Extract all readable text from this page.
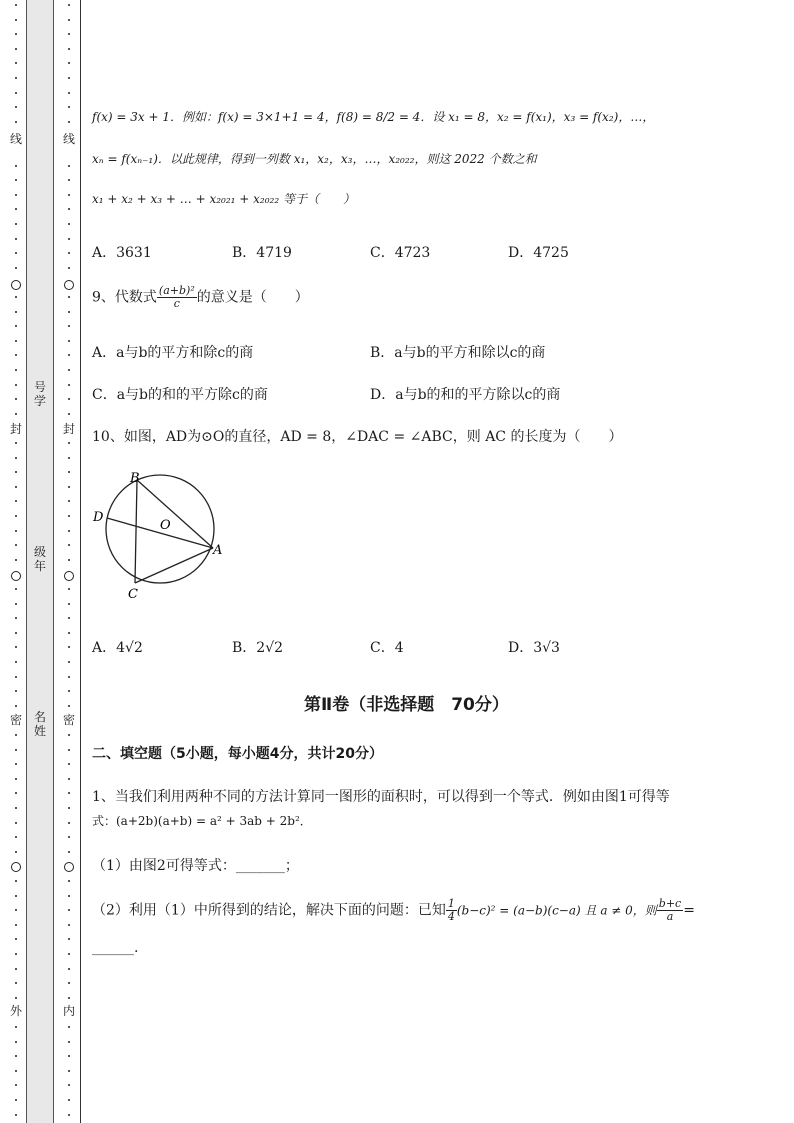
线
封
密
外
号学
级年
名姓
线
封
密
内
f(x) = 3x + 1．例如：f(x) = 3×1+1 = 4，f(8) = 8/2 = 4．设 x₁ = 8，x₂ = f(x₁)，x₃ = f(x₂)，…，
xₙ = f(xₙ₋₁)．以此规律，得到一列数 x₁，x₂，x₃，…，x₂₀₂₂，则这 2022 个数之和
x₁ + x₂ + x₃ + … + x₂₀₂₁ + x₂₀₂₂ 等于（　　）
A．3631	B．4719	C．4723	D．4725
9、代数式 $\frac{\text{(a+b)²}}{c}$ 的意义是（　　）
A．a与b的平方和除c的商	B．a与b的平方和除以c的商
C．a与b的和的平方除c的商	D．a与b的和的平方除以c的商
10、如图，AD为⊙O的直径，AD = 8，∠DAC = ∠ABC，则 AC 的长度为（　　）
B
D
O
A
C
A．4√2	B．2√2	C．4	D．3√3
第Ⅱ卷（非选择题　70分）
二、填空题（5小题，每小题4分，共计20分）
1、当我们利用两种不同的方法计算同一图形的面积时，可以得到一个等式．例如由图1可得等
式：(a+2b)(a+b) = a² + 3ab + 2b²．
（1）由图2可得等式：_______；
（2）利用（1）中所得到的结论，解决下面的问题：已知 $\frac{1}{4} (b-c)^2 = (a-b)(c-a)$ 且 a ≠ 0，则 $\frac{b+c}{a}$ =
______.
